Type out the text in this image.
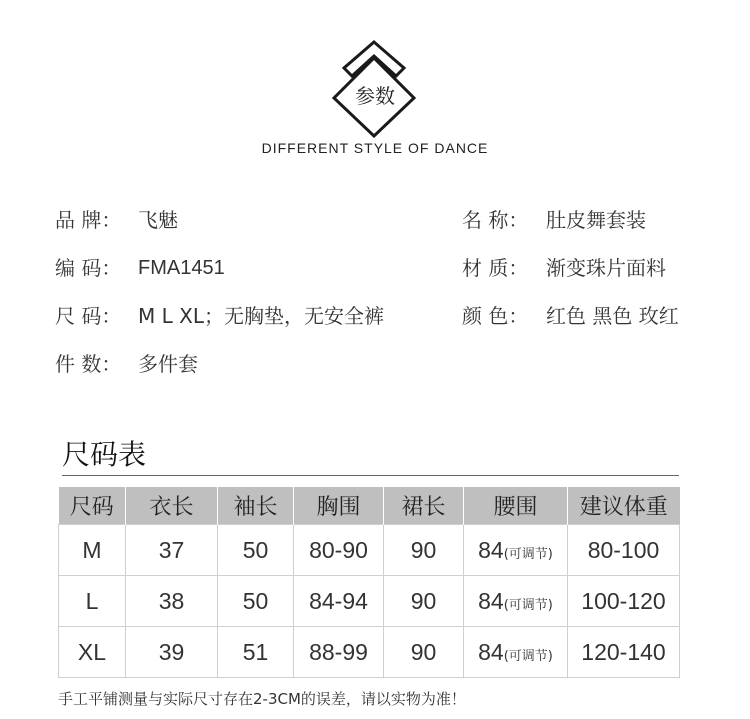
参数
DIFFERENT STYLE OF DANCE
品 牌： 飞魅	名 称： 肚皮舞套装
编 码： FMA1451	材 质： 渐变珠片面料
尺 码： M L XL；无胸垫，无安全裤	颜 色： 红色 黑色 玫红
件 数： 多件套
尺码表
尺码	衣长	袖长	胸围	裙长	腰围	建议体重
M	37	50	80-90	90	84(可调节)	80-100
L	38	50	84-94	90	84(可调节)	100-120
XL	39	51	88-99	90	84(可调节)	120-140
手工平铺测量与实际尺寸存在2-3CM的误差，请以实物为准！
